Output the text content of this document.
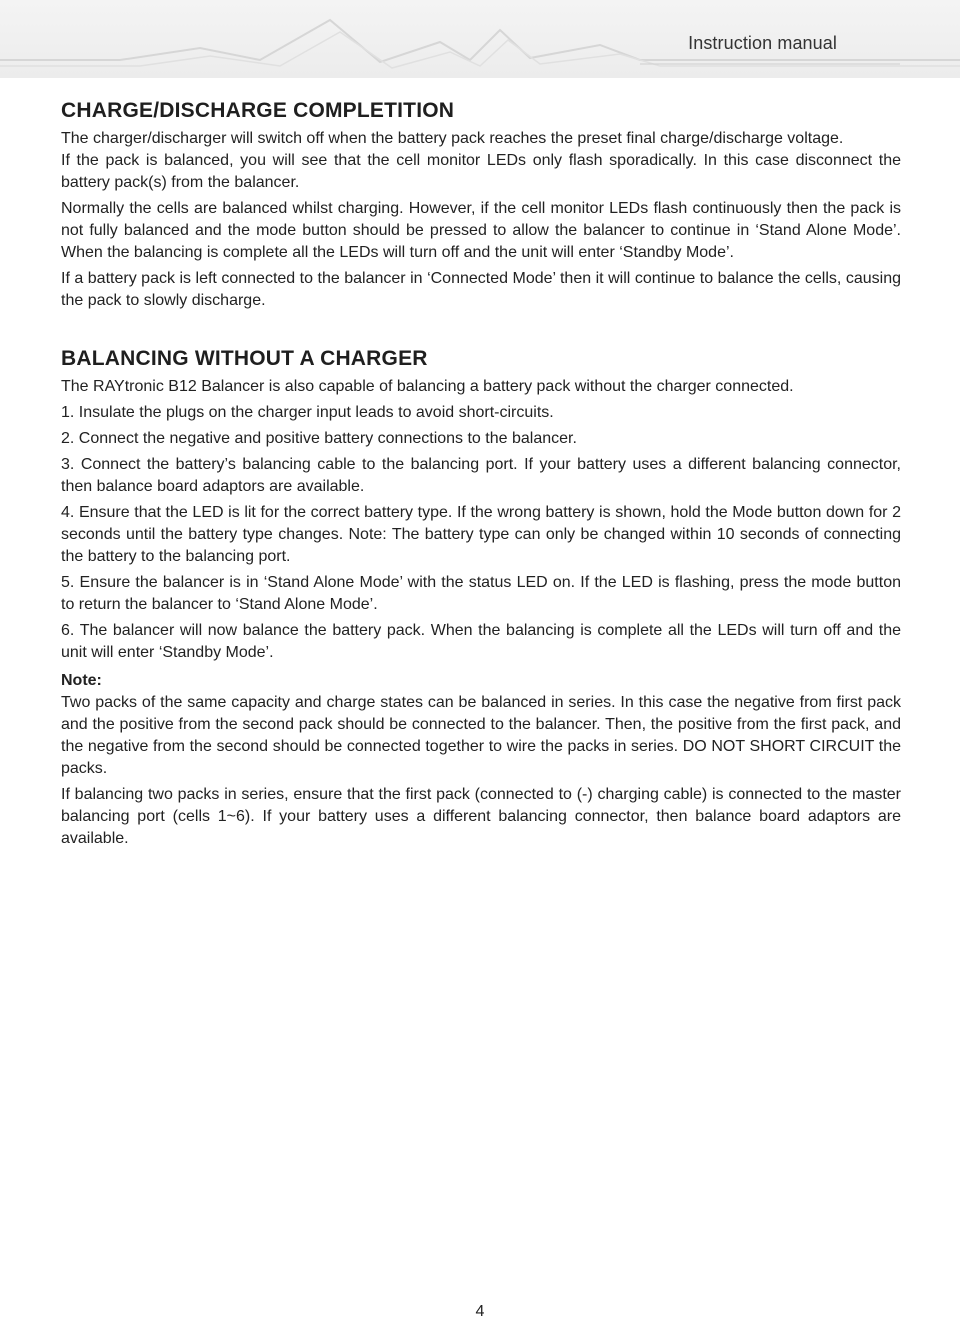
Instruction manual
CHARGE/DISCHARGE COMPLETITION

The charger/discharger will switch off when the battery pack reaches the preset final charge/discharge voltage.

If the pack is balanced, you will see that the cell monitor LEDs only flash sporadically. In this case disconnect the battery pack(s) from the balancer.

Normally the cells are balanced whilst charging. However, if the cell monitor LEDs flash continuously then the pack is not fully balanced and the mode button should be pressed to allow the balancer to continue in ‘Stand Alone Mode’. When the balancing is complete all the LEDs will turn off and the unit will enter ‘Standby Mode’.

If a battery pack is left connected to the balancer in ‘Connected Mode’ then it will continue to balance the cells, causing the pack to slowly discharge.

BALANCING WITHOUT A CHARGER

The RAYtronic B12 Balancer is also capable of balancing a battery pack without the charger connected.

1. Insulate the plugs on the charger input leads to avoid short-circuits.

2. Connect the negative and positive battery connections to the balancer.

3. Connect the battery’s balancing cable to the balancing port. If your battery uses a different balancing connector, then balance board adaptors are available.

4. Ensure that the LED is lit for the correct battery type. If the wrong battery is shown, hold the Mode button down for 2 seconds until the battery type changes. Note: The battery type can only be changed within 10 seconds of connecting the battery to the balancing port.

5. Ensure the balancer is in ‘Stand Alone Mode’ with the status LED on. If the LED is flashing, press the mode button to return the balancer to ‘Stand Alone Mode’.

6. The balancer will now balance the battery pack. When the balancing is complete all the LEDs will turn off and the unit will enter ‘Standby Mode’.

Note:

Two packs of the same capacity and charge states can be balanced in series. In this case the negative from first pack and the positive from the second pack should be connected to the balancer. Then, the positive from the first pack, and the negative from the second should be connected together to wire the packs in series. DO NOT SHORT CIRCUIT the packs.

If balancing two packs in series, ensure that the first pack (connected to (-) charging cable) is connected to the master balancing port (cells 1~6). If your battery uses a different balancing connector, then balance board adaptors are available.

4
